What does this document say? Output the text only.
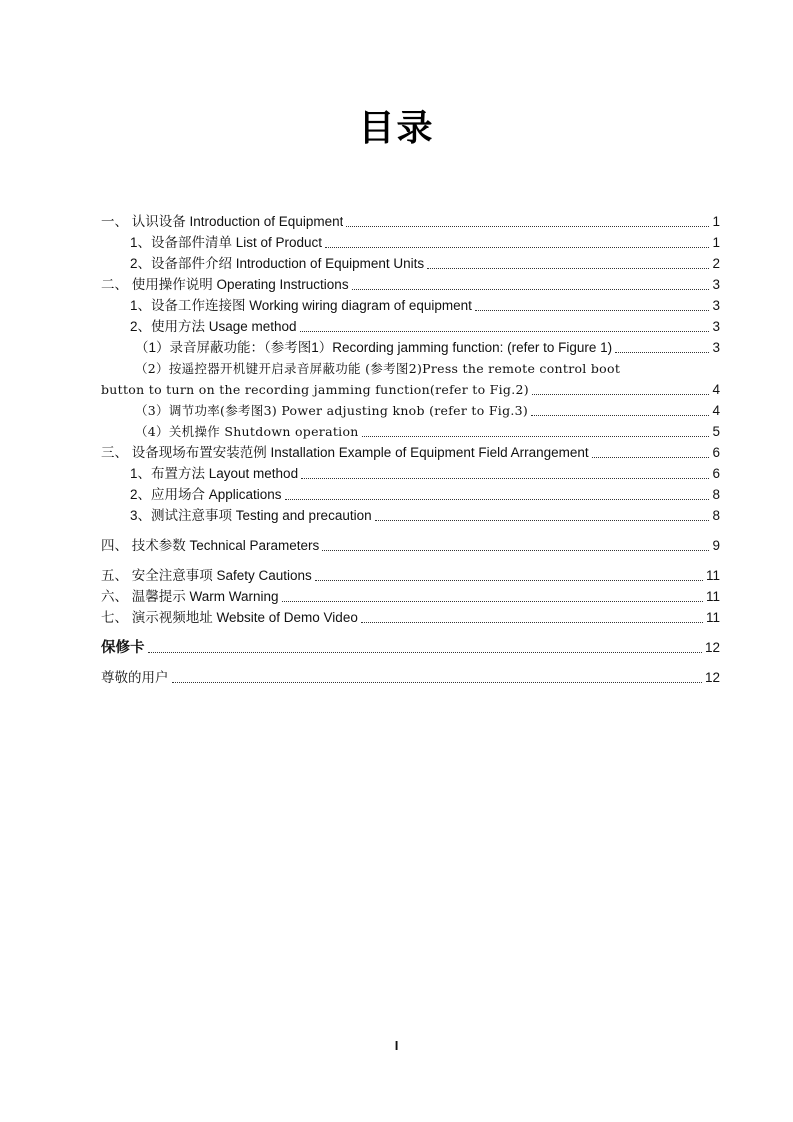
目录
一、 认识设备 Introduction of Equipment	1
1、设备部件清单 List of Product	1
2、设备部件介绍 Introduction of Equipment Units	2
二、 使用操作说明 Operating Instructions	3
1、设备工作连接图 Working wiring diagram of equipment	3
2、使用方法 Usage method	3
（1）录音屏蔽功能：（参考图1）Recording jamming function: (refer to Figure 1)	3
（2）按遥控器开机键开启录音屏蔽功能 (参考图2)Press the remote control boot
button to turn on the recording jamming function(refer to Fig.2)	4
（3）调节功率(参考图3) Power adjusting knob (refer to Fig.3)	4
（4）关机操作 Shutdown operation	5
三、 设备现场布置安装范例 Installation Example of Equipment Field Arrangement	6
1、布置方法 Layout method	6
2、应用场合 Applications	8
3、测试注意事项 Testing and precaution	8
四、 技术参数 Technical Parameters	9
五、 安全注意事项 Safety Cautions	11
六、 温馨提示 Warm Warning	11
七、 演示视频地址 Website of Demo Video	11
保修卡	12
尊敬的用户	12
I
